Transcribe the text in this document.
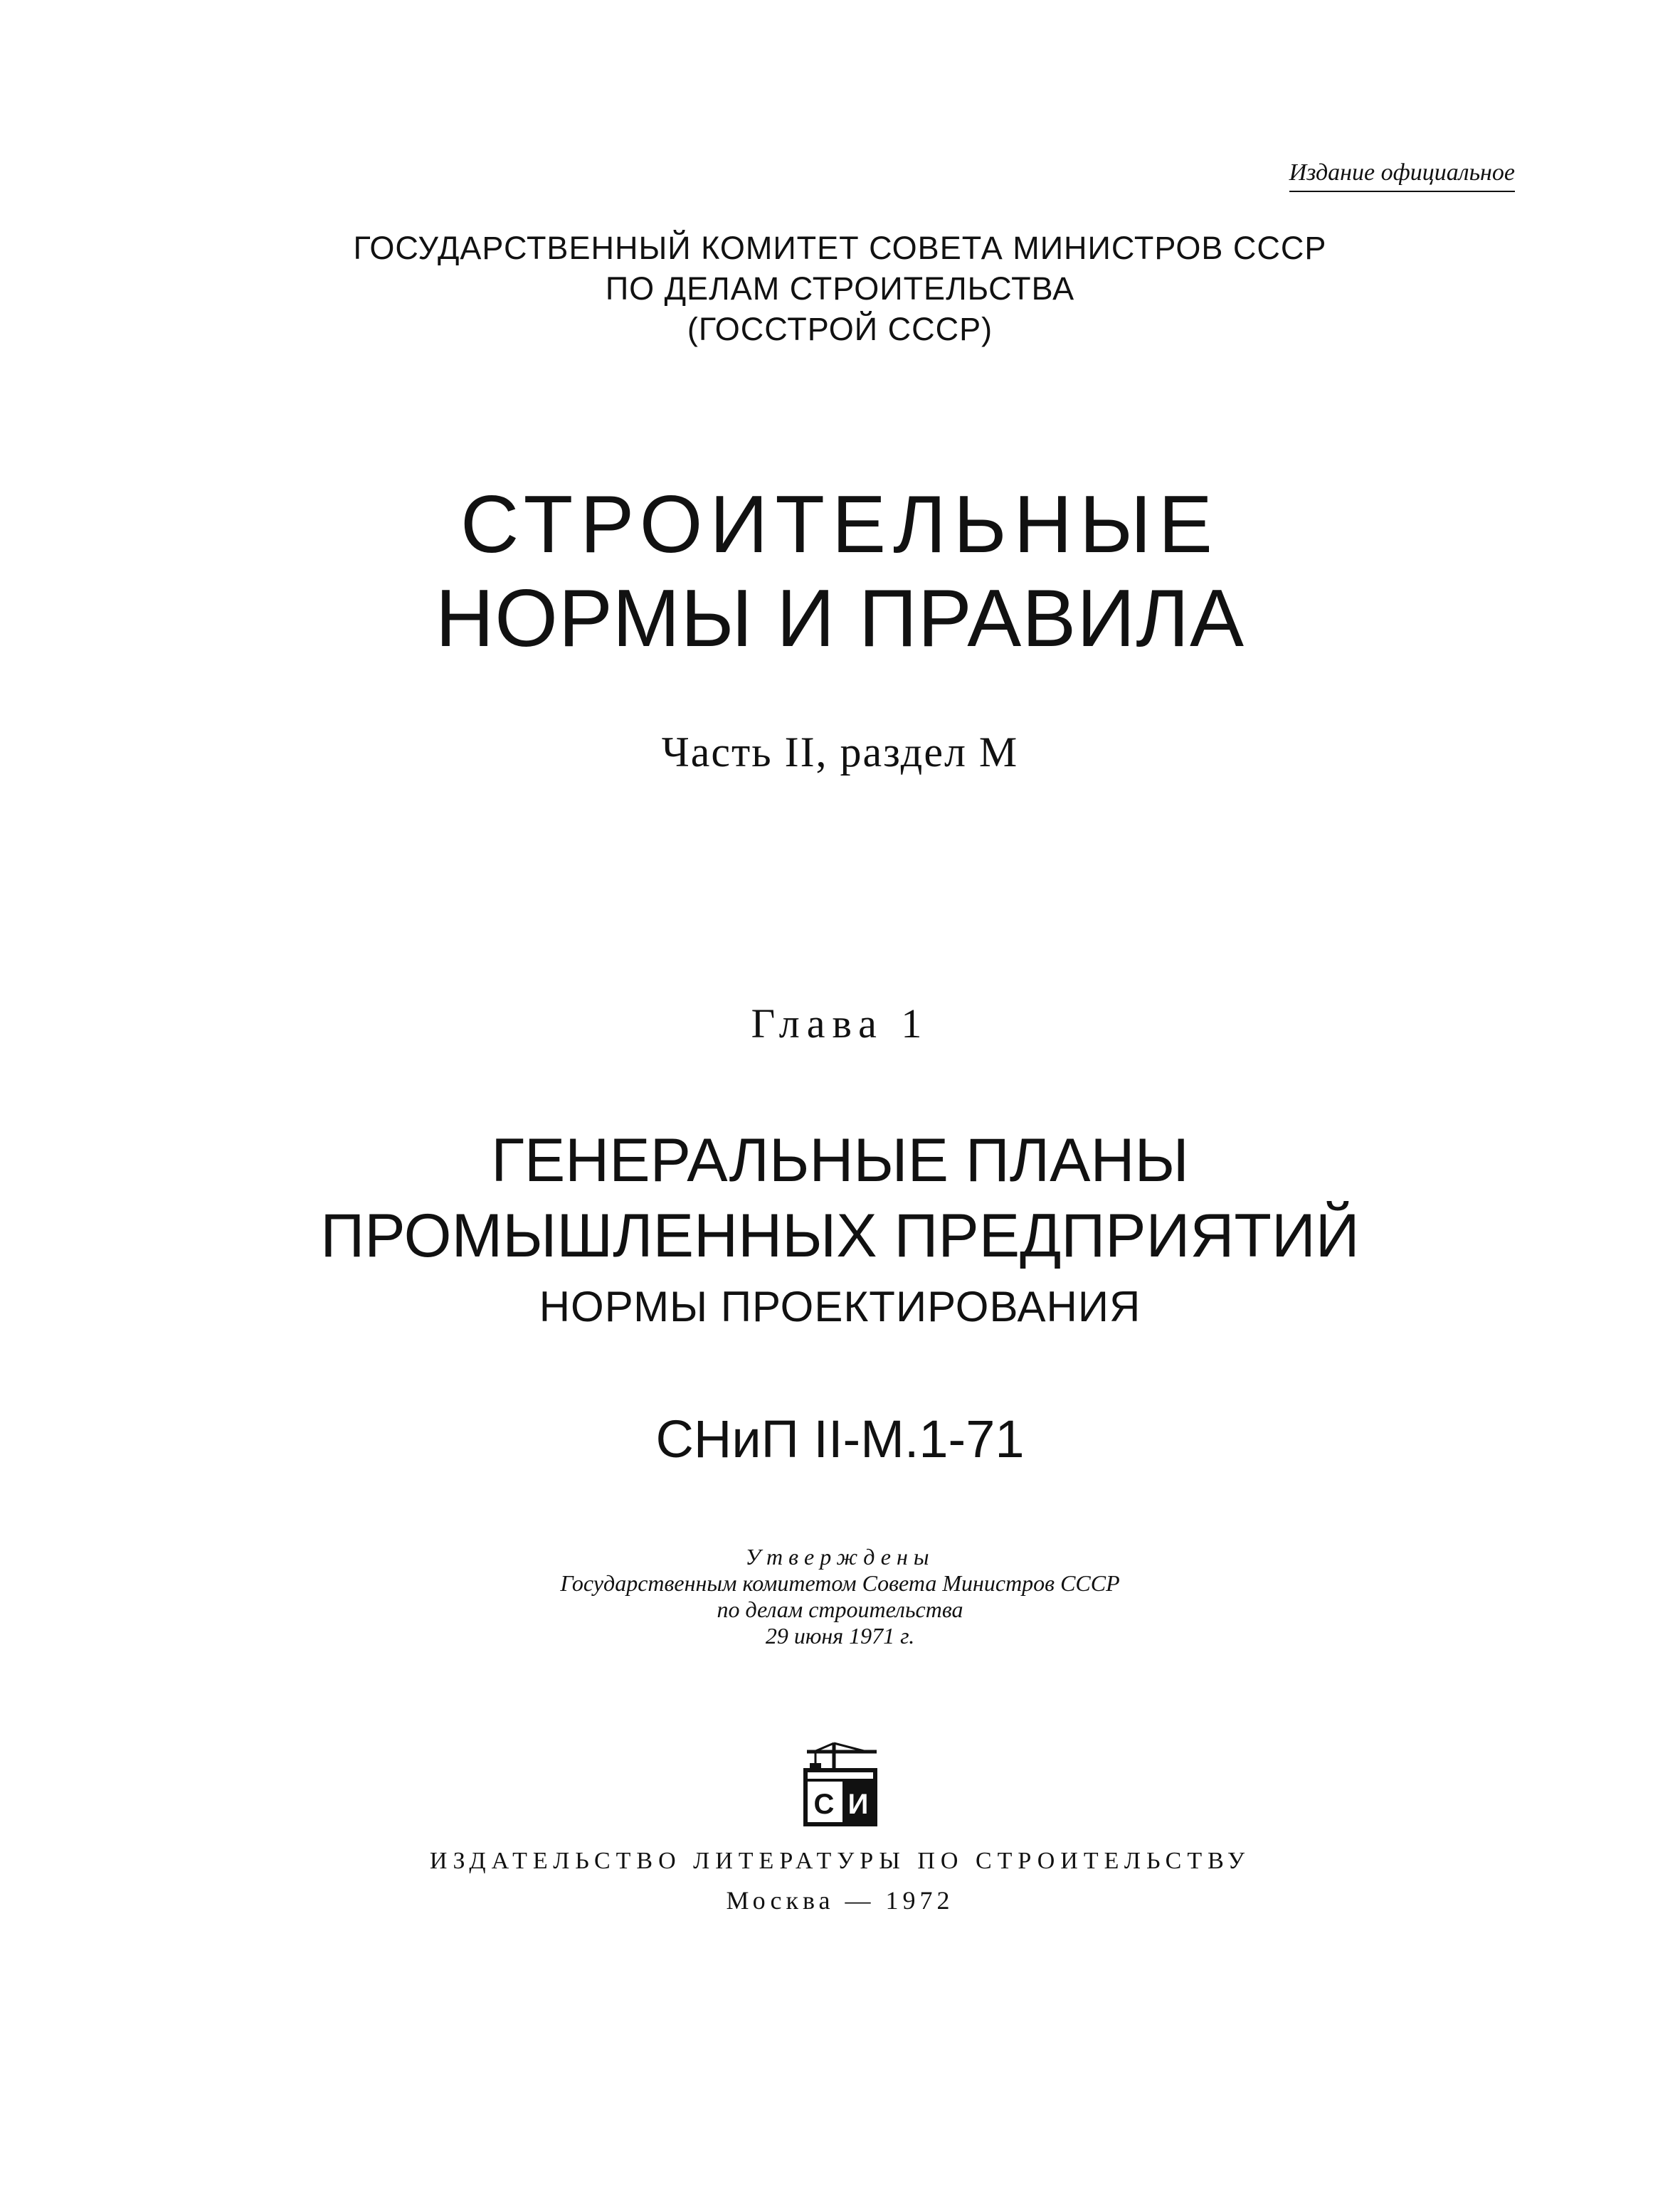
Издание официальное
ГОСУДАРСТВЕННЫЙ КОМИТЕТ СОВЕТА МИНИСТРОВ СССР
ПО ДЕЛАМ СТРОИТЕЛЬСТВА
(ГОССТРОЙ СССР)
СТРОИТЕЛЬНЫЕ
НОРМЫ И ПРАВИЛА
Часть II, раздел М
Глава 1
ГЕНЕРАЛЬНЫЕ ПЛАНЫ
ПРОМЫШЛЕННЫХ ПРЕДПРИЯТИЙ
НОРМЫ ПРОЕКТИРОВАНИЯ
СНиП II-М.1-71
Утверждены
Государственным комитетом Совета Министров СССР
по делам строительства
29 июня 1971 г.
С И
ИЗДАТЕЛЬСТВО ЛИТЕРАТУРЫ ПО СТРОИТЕЛЬСТВУ
Москва — 1972
